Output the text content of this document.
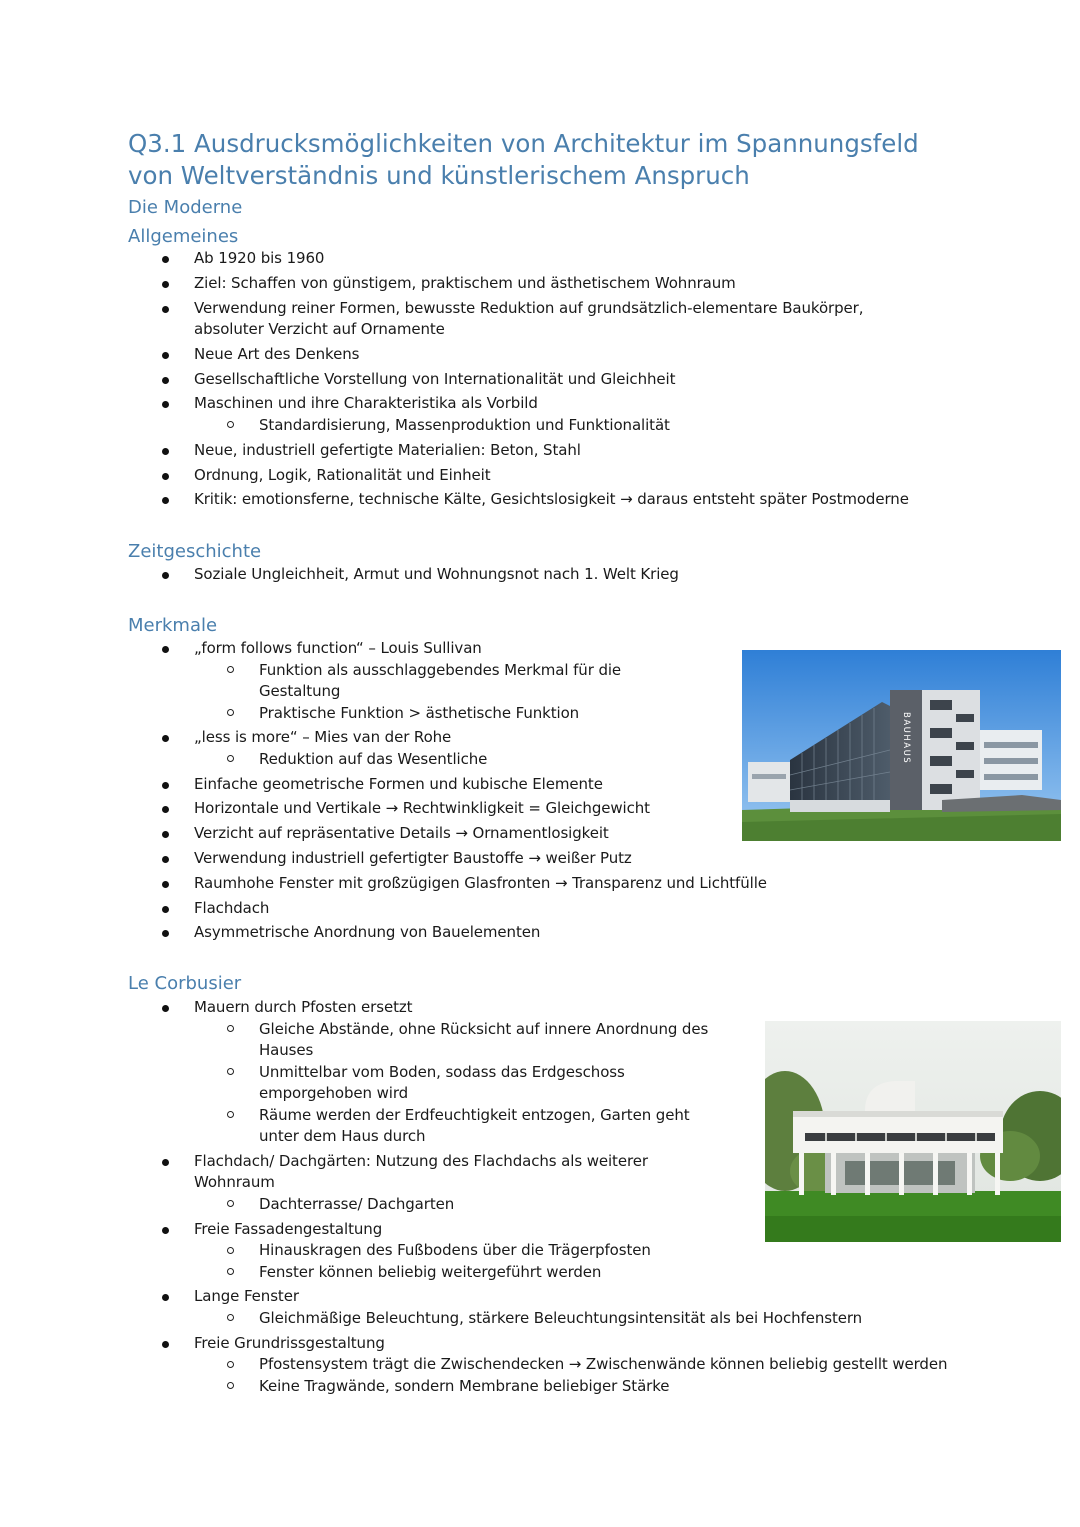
Q3.1 Ausdrucksmöglichkeiten von Architektur im Spannungsfeld von Weltverständnis und künstlerischem Anspruch
Die Moderne
Allgemeines
Ab 1920 bis 1960
Ziel: Schaffen von günstigem, praktischem und ästhetischem Wohnraum
Verwendung reiner Formen, bewusste Reduktion auf grundsätzlich-elementare Baukörper, absoluter Verzicht auf Ornamente
Neue Art des Denkens
Gesellschaftliche Vorstellung von Internationalität und Gleichheit
Maschinen und ihre Charakteristika als Vorbild
Standardisierung, Massenproduktion und Funktionalität
Neue, industriell gefertigte Materialien: Beton, Stahl
Ordnung, Logik, Rationalität und Einheit
Kritik: emotionsferne, technische Kälte, Gesichtslosigkeit → daraus entsteht später Postmoderne
Zeitgeschichte
Soziale Ungleichheit, Armut und Wohnungsnot nach 1. Welt Krieg
Merkmale
„form follows function“ – Louis Sullivan
Funktion als ausschlaggebendes Merkmal für die Gestaltung
Praktische Funktion > ästhetische Funktion
„less is more“ – Mies van der Rohe
Reduktion auf das Wesentliche
Einfache geometrische Formen und kubische Elemente
Horizontale und Vertikale → Rechtwinkligkeit = Gleichgewicht
Verzicht auf repräsentative Details → Ornamentlosigkeit
Verwendung industriell gefertigter Baustoffe → weißer Putz
Raumhohe Fenster mit großzügigen Glasfronten → Transparenz und Lichtfülle
Flachdach
Asymmetrische Anordnung von Bauelementen
BAUHAUS
Le Corbusier
Mauern durch Pfosten ersetzt
Gleiche Abstände, ohne Rücksicht auf innere Anordnung des Hauses
Unmittelbar vom Boden, sodass das Erdgeschoss emporgehoben wird
Räume werden der Erdfeuchtigkeit entzogen, Garten geht unter dem Haus durch
Flachdach/ Dachgärten: Nutzung des Flachdachs als weiterer Wohnraum
Dachterrasse/ Dachgarten
Freie Fassadengestaltung
Hinauskragen des Fußbodens über die Trägerpfosten
Fenster können beliebig weitergeführt werden
Lange Fenster
Gleichmäßige Beleuchtung, stärkere Beleuchtungsintensität als bei Hochfenstern
Freie Grundrissgestaltung
Pfostensystem trägt die Zwischendecken → Zwischenwände können beliebig gestellt werden
Keine Tragwände, sondern Membrane beliebiger Stärke
